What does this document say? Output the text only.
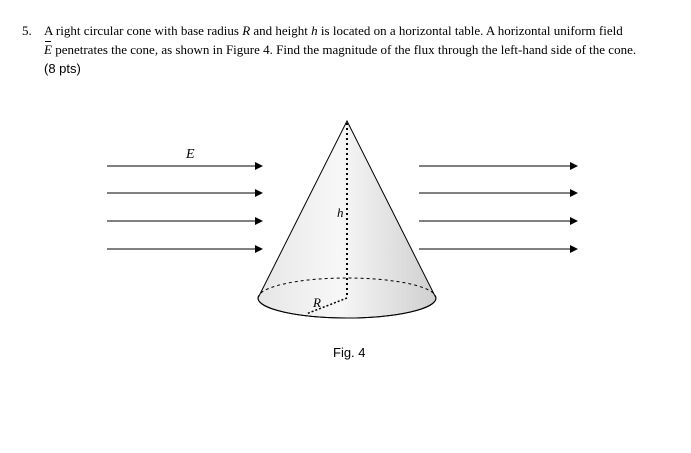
5. A right circular cone with base radius R and height h is located on a horizontal table. A horizontal uniform field
E penetrates the cone, as shown in Figure 4. Find the magnitude of the flux through the left-hand side of the cone.
(8 pts)
E
h
R
Fig. 4
